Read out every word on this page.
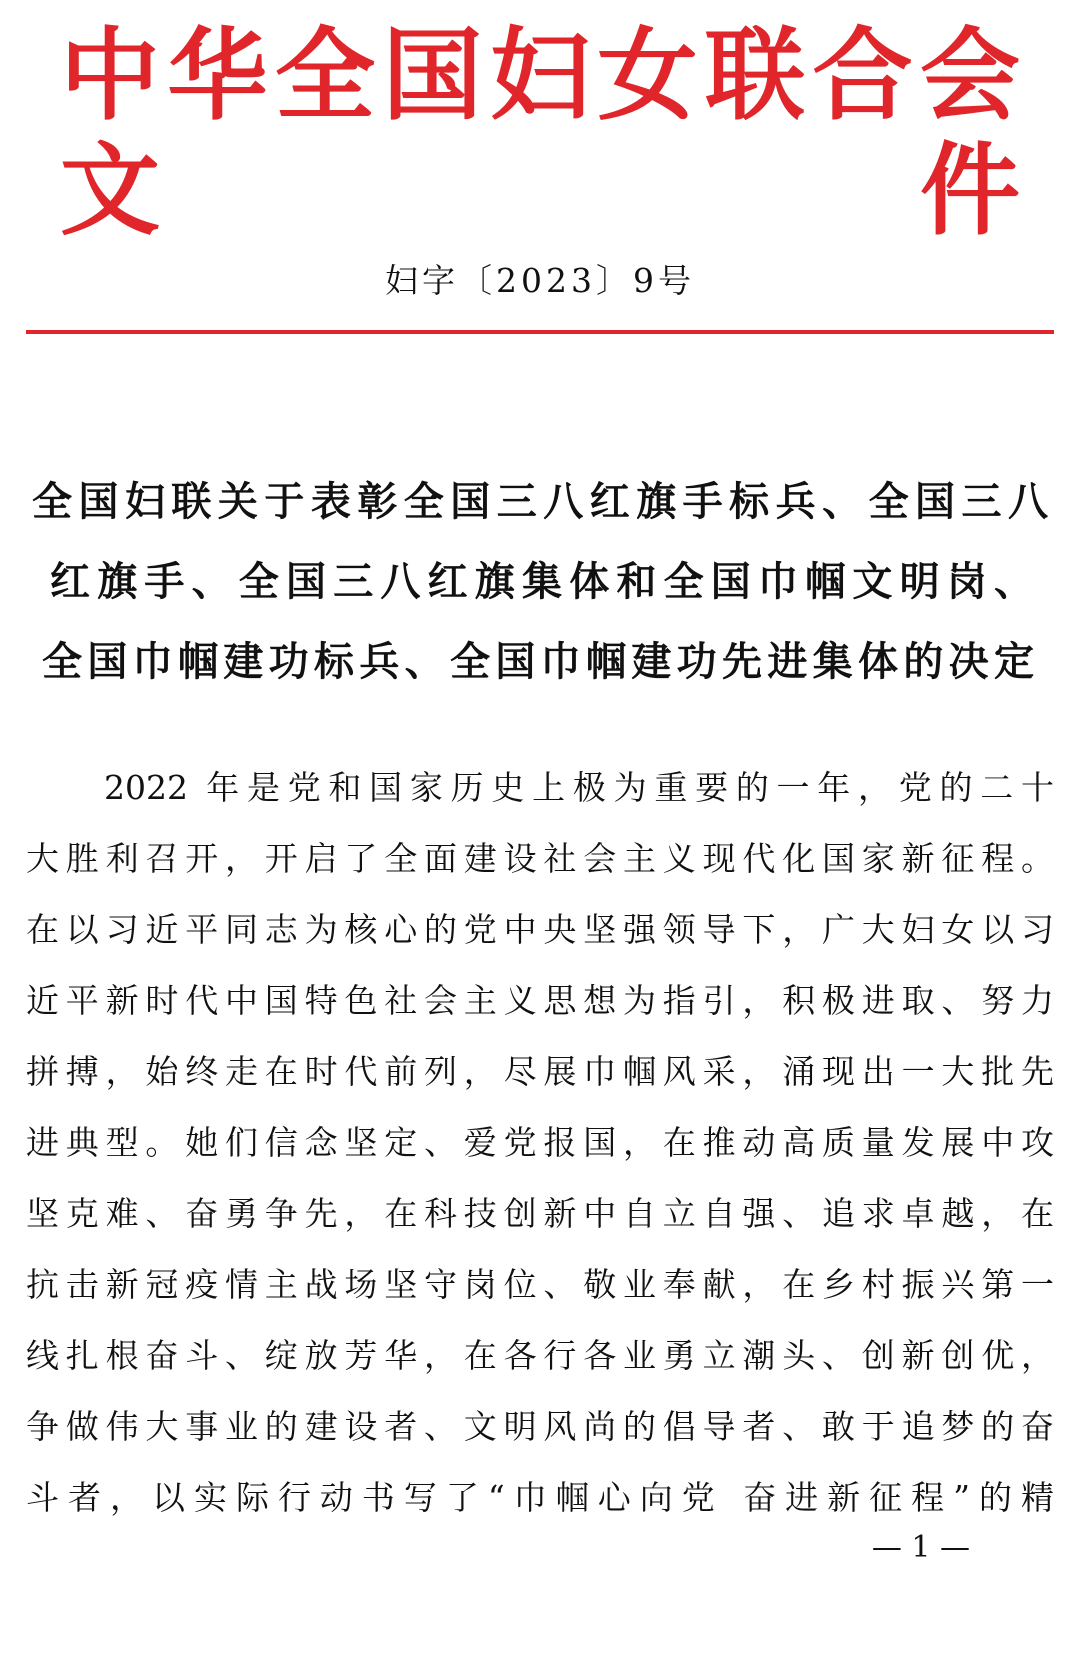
中华全国妇女联合会文件
妇字〔2023〕9号
全国妇联关于表彰全国三八红旗手标兵、全国三八
红旗手、全国三八红旗集体和全国巾帼文明岗、
全国巾帼建功标兵、全国巾帼建功先进集体的决定
2022 年是党和国家历史上极为重要的一年，党的二十
大胜利召开，开启了全面建设社会主义现代化国家新征程。
在以习近平同志为核心的党中央坚强领导下，广大妇女以习
近平新时代中国特色社会主义思想为指引，积极进取、努力
拼搏，始终走在时代前列，尽展巾帼风采，涌现出一大批先
进典型。她们信念坚定、爱党报国，在推动高质量发展中攻
坚克难、奋勇争先，在科技创新中自立自强、追求卓越，在
抗击新冠疫情主战场坚守岗位、敬业奉献，在乡村振兴第一
线扎根奋斗、绽放芳华，在各行各业勇立潮头、创新创优，
争做伟大事业的建设者、文明风尚的倡导者、敢于追梦的奋
斗者，以实际行动书写了“巾帼心向党 奋进新征程”的精
— 1 —
